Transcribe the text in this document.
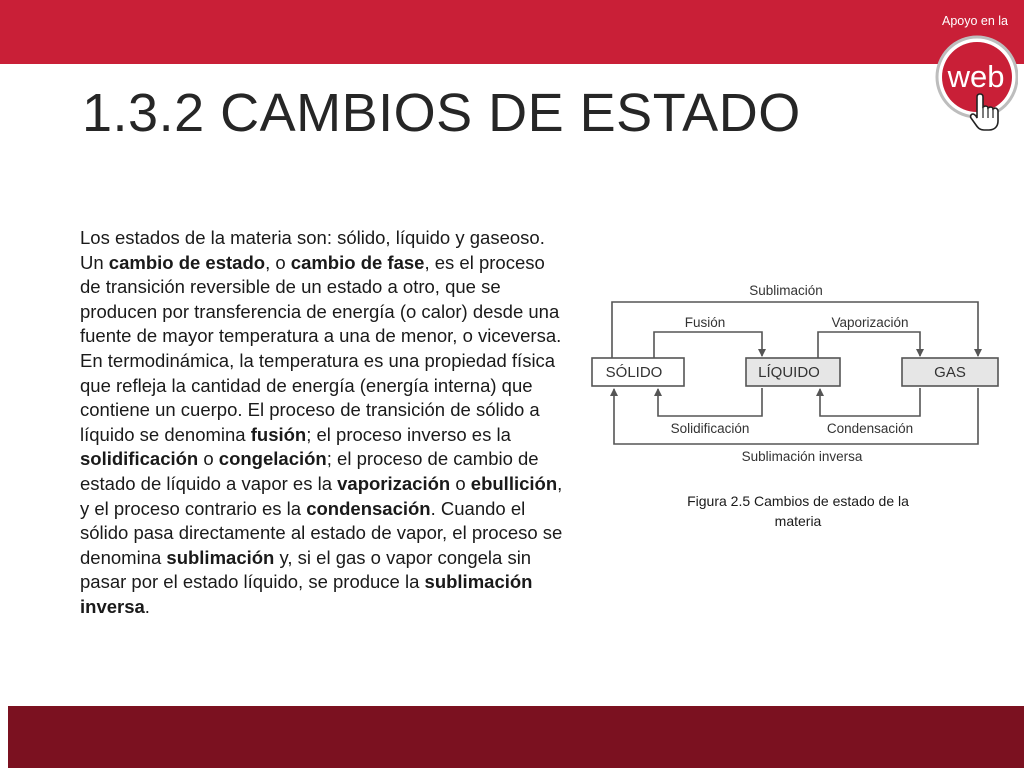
Apoyo en la
web
1.3.2 CAMBIOS DE ESTADO
Los estados de la materia son: sólido, líquido y gaseoso. Un cambio de estado, o cambio de fase, es el proceso de transición reversible de un estado a otro, que se producen por transferencia de energía (o calor) desde una fuente de mayor temperatura a una de menor, o viceversa. En termodinámica, la temperatura es una propiedad física que refleja la cantidad de energía (energía interna) que contiene un cuerpo. El proceso de transición de sólido a líquido se denomina fusión; el proceso inverso es la solidificación o congelación; el proceso de cambio de estado de líquido a vapor es la vaporización o ebullición, y el proceso contrario es la condensación. Cuando el sólido pasa directamente al estado de vapor, el proceso se denomina sublimación y, si el gas o vapor congela sin pasar por el estado líquido, se produce la sublimación inversa.
SÓLIDO	LÍQUIDO	GAS
Sublimación
Fusión	Vaporización
Solidificación	Condensación
Sublimación inversa
Figura 2.5 Cambios de estado de la materia
